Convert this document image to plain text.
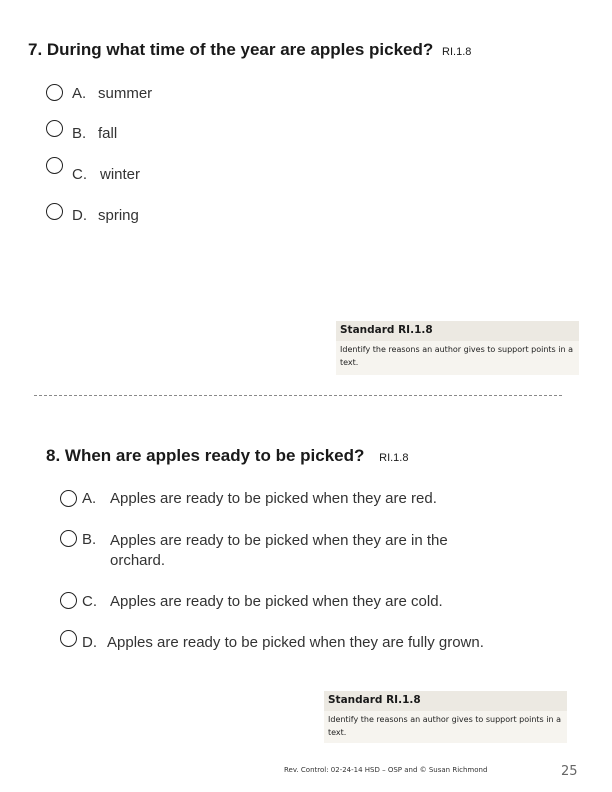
7. During what time of the year are apples picked? RI.1.8
A. summer
B. fall
C. winter
D. spring
Standard RI.1.8
Identify the reasons an author gives to support points in a text.
8. When are apples ready to be picked? RI.1.8
A. Apples are ready to be picked when they are red.
B. Apples are ready to be picked when they are in the orchard.
C. Apples are ready to be picked when they are cold.
D. Apples are ready to be picked when they are fully grown.
Standard RI.1.8
Identify the reasons an author gives to support points in a text.
Rev. Control: 02-24-14 HSD – OSP and © Susan Richmond	25
